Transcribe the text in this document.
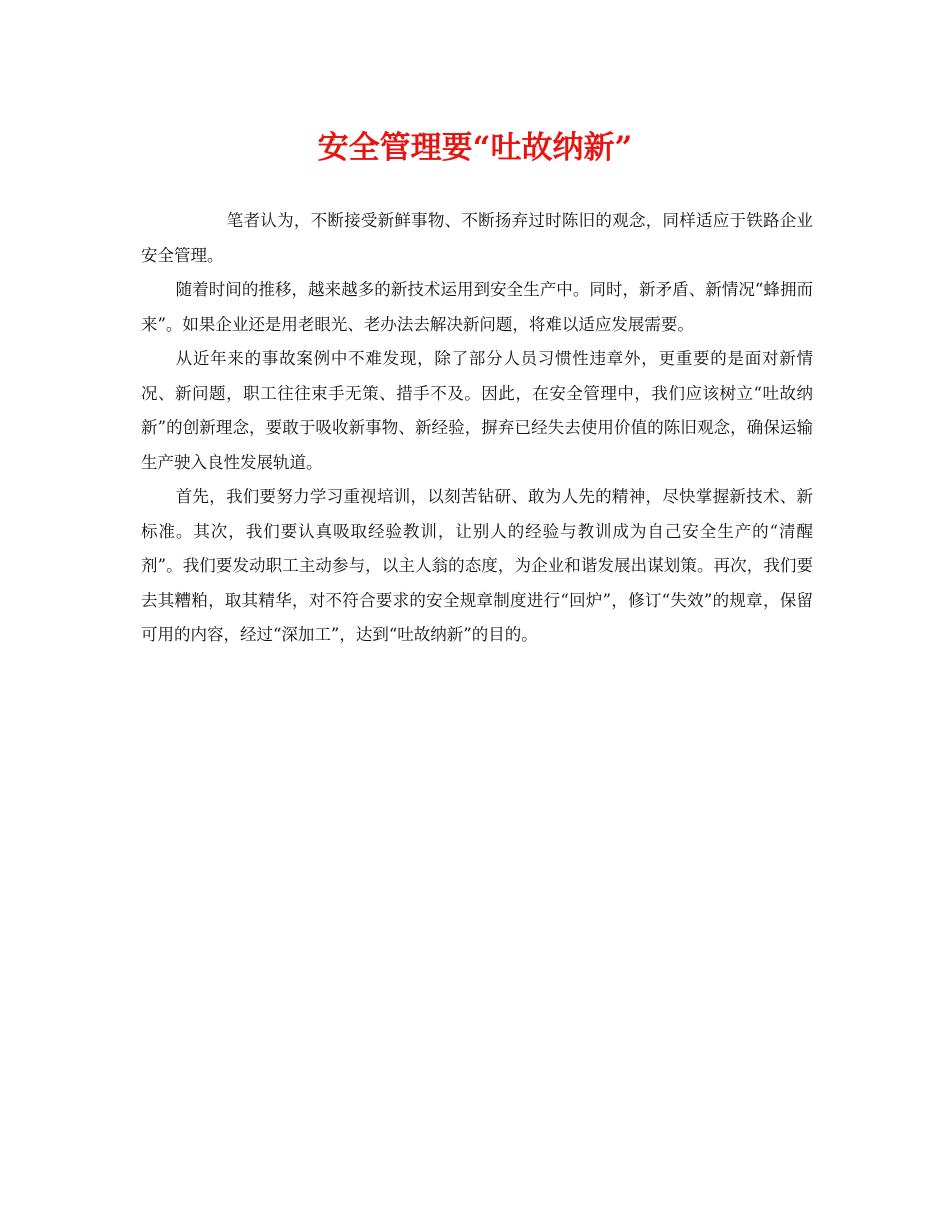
安全管理要“吐故纳新”

笔者认为，不断接受新鲜事物、不断扬弃过时陈旧的观念，同样适应于铁路企业安全管理。

随着时间的推移，越来越多的新技术运用到安全生产中。同时，新矛盾、新情况“蜂拥而来”。如果企业还是用老眼光、老办法去解决新问题，将难以适应发展需要。

从近年来的事故案例中不难发现，除了部分人员习惯性违章外，更重要的是面对新情况、新问题，职工往往束手无策、措手不及。因此，在安全管理中，我们应该树立“吐故纳新”的创新理念，要敢于吸收新事物、新经验，摒弃已经失去使用价值的陈旧观念，确保运输生产驶入良性发展轨道。

首先，我们要努力学习重视培训，以刻苦钻研、敢为人先的精神，尽快掌握新技术、新标准。其次，我们要认真吸取经验教训，让别人的经验与教训成为自己安全生产的“清醒剂”。我们要发动职工主动参与，以主人翁的态度，为企业和谐发展出谋划策。再次，我们要去其糟粕，取其精华，对不符合要求的安全规章制度进行“回炉”，修订“失效”的规章，保留可用的内容，经过“深加工”，达到“吐故纳新”的目的。
